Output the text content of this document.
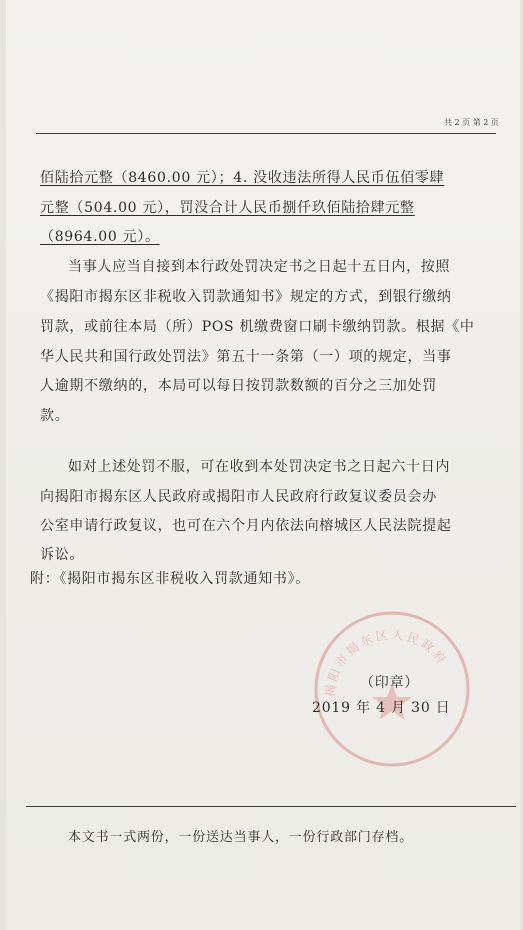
共 2 页 第 2 页
佰陆拾元整（8460.00 元）；4. 没收违法所得人民币伍佰零肆
元整（504.00 元），罚没合计人民币捌仟玖佰陆拾肆元整
（8964.00 元）。
当事人应当自接到本行政处罚决定书之日起十五日内，按照
《揭阳市揭东区非税收入罚款通知书》规定的方式，到银行缴纳
罚款，或前往本局（所）POS 机缴费窗口刷卡缴纳罚款。根据《中
华人民共和国行政处罚法》第五十一条第（一）项的规定，当事
人逾期不缴纳的，本局可以每日按罚款数额的百分之三加处罚
款。
如对上述处罚不服，可在收到本处罚决定书之日起六十日内
向揭阳市揭东区人民政府或揭阳市人民政府行政复议委员会办
公室申请行政复议，也可在六个月内依法向榕城区人民法院提起
诉讼。
附：《揭阳市揭东区非税收入罚款通知书》。
揭阳市揭东区人民政府
（印章）
2019 年 4 月 30 日
本文书一式两份，一份送达当事人，一份行政部门存档。
